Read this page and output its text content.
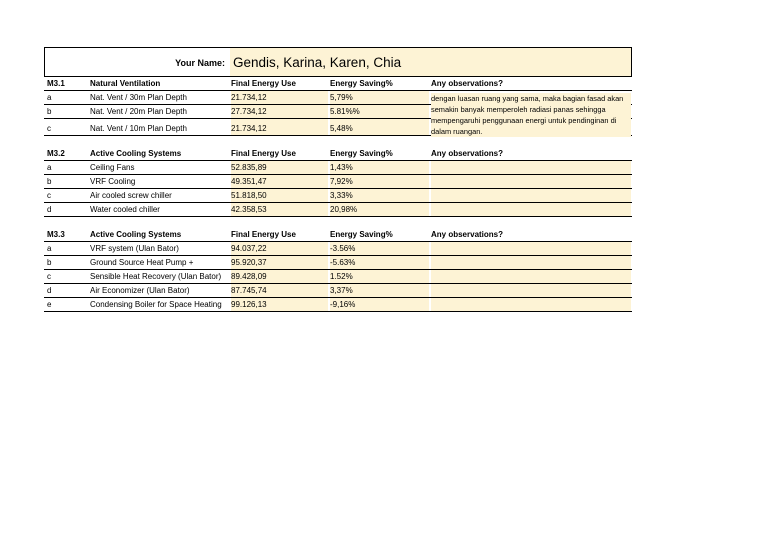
Your Name: Gendis, Karina, Karen, Chia
M3.1	Natural Ventilation	Final Energy Use	Energy Saving%	Any observations?
a	Nat. Vent / 30m Plan Depth	21.734,12	5,79%
b	Nat. Vent / 20m Plan Depth	27.734,12	5.81%%
c	Nat. Vent / 10m Plan Depth	21.734,12	5,48%
M3.2	Active Cooling Systems	Final Energy Use	Energy Saving%	Any observations?
a	Ceiling Fans	52.835,89	1,43%
b	VRF Cooling	49.351,47	7,92%
c	Air cooled screw chiller	51.818,50	3,33%
d	Water cooled chiller	42.358,53	20,98%
M3.3	Active Cooling Systems	Final Energy Use	Energy Saving%	Any observations?
a	VRF system (Ulan Bator)	94.037,22	-3.56%
b	Ground Source Heat Pump +	95.920,37	-5.63%
c	Sensible Heat Recovery (Ulan Bator)	89.428,09	1.52%
d	Air Economizer (Ulan Bator)	87.745,74	3,37%
e	Condensing Boiler for Space Heating	99.126,13	-9,16%
dengan luasan ruang yang sama, maka bagian fasad akan semakin banyak memperoleh radiasi panas sehingga mempengaruhi penggunaan energi untuk pendinginan di dalam ruangan.
